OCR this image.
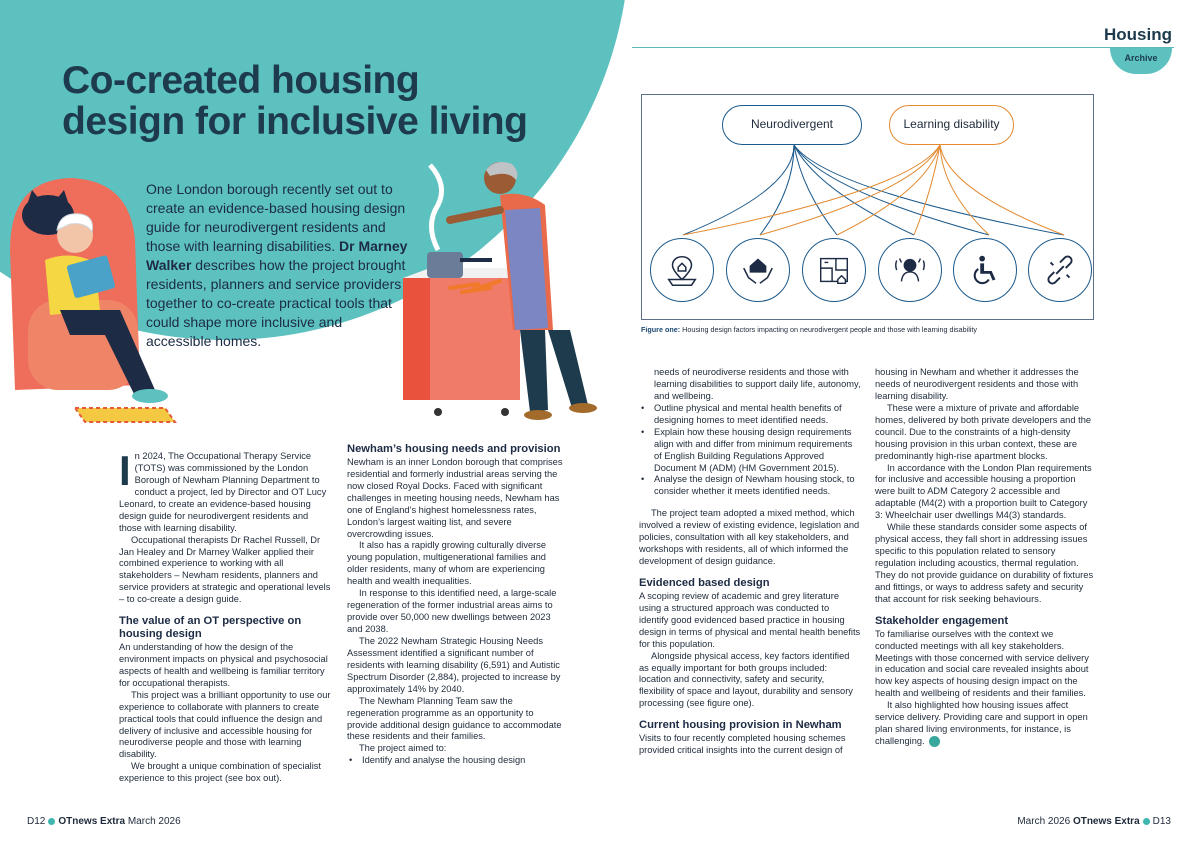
Housing
Archive
Co-created housing
design for inclusive living
One London borough recently set out to create an evidence-based housing design guide for neurodivergent residents and those with learning disabilities. Dr Marney Walker describes how the project brought residents, planners and service providers together to co-create practical tools that could shape more inclusive and accessible homes.
Neurodivergent	Learning disability
Figure one: Housing design factors impacting on neurodivergent people and those with learning disability
I n 2024, The Occupational Therapy Service (TOTS) was commissioned by the London Borough of Newham Planning Department to conduct a project, led by Director and OT Lucy Leonard, to create an evidence-based housing design guide for neurodivergent residents and those with learning disability.

Occupational therapists Dr Rachel Russell, Dr Jan Healey and Dr Marney Walker applied their combined experience to working with all stakeholders – Newham residents, planners and service providers at strategic and operational levels – to co-create a design guide.

The value of an OT perspective on housing design

An understanding of how the design of the environment impacts on physical and psychosocial aspects of health and wellbeing is familiar territory for occupational therapists.

This project was a brilliant opportunity to use our experience to collaborate with planners to create practical tools that could influence the design and delivery of inclusive and accessible housing for neurodiverse people and those with learning disability.

We brought a unique combination of specialist experience to this project (see box out).

Newham’s housing needs and provision

Newham is an inner London borough that comprises residential and formerly industrial areas serving the now closed Royal Docks. Faced with significant challenges in meeting housing needs, Newham has one of England’s highest homelessness rates, London’s largest waiting list, and severe overcrowding issues.

It also has a rapidly growing culturally diverse young population, multigenerational families and older residents, many of whom are experiencing health and wealth inequalities.

In response to this identified need, a large-scale regeneration of the former industrial areas aims to provide over 50,000 new dwellings between 2023 and 2038.

The 2022 Newham Strategic Housing Needs Assessment identified a significant number of residents with learning disability (6,591) and Autistic Spectrum Disorder (2,884), projected to increase by approximately 14% by 2040.

The Newham Planning Team saw the regeneration programme as an opportunity to provide additional design guidance to accommodate these residents and their families.

The project aimed to:

• Identify and analyse the housing design
needs of neurodiverse residents and those with learning disabilities to support daily life, autonomy, and wellbeing.
• Outline physical and mental health benefits of designing homes to meet identified needs.
• Explain how these housing design requirements align with and differ from minimum requirements of English Building Regulations Approved Document M (ADM) (HM Government 2015).
• Analyse the design of Newham housing stock, to consider whether it meets identified needs.

The project team adopted a mixed method, which involved a review of existing evidence, legislation and policies, consultation with all key stakeholders, and workshops with residents, all of which informed the development of design guidance.

Evidenced based design

A scoping review of academic and grey literature using a structured approach was conducted to identify good evidenced based practice in housing design in terms of physical and mental health benefits for this population.

Alongside physical access, key factors identified as equally important for both groups included: location and connectivity, safety and security, flexibility of space and layout, durability and sensory processing (see figure one).

Current housing provision in Newham

Visits to four recently completed housing schemes provided critical insights into the current design of

housing in Newham and whether it addresses the needs of neurodivergent residents and those with learning disability.

These were a mixture of private and affordable homes, delivered by both private developers and the council. Due to the constraints of a high-density housing provision in this urban context, these are predominantly high-rise apartment blocks.

In accordance with the London Plan requirements for inclusive and accessible housing a proportion were built to ADM Category 2 accessible and adaptable (M4(2) with a proportion built to Category 3: Wheelchair user dwellings M4(3) standards.

While these standards consider some aspects of physical access, they fall short in addressing issues specific to this population related to sensory regulation including acoustics, thermal regulation. They do not provide guidance on durability of fixtures and fittings, or ways to address safety and security that account for risk seeking behaviours.

Stakeholder engagement

To familiarise ourselves with the context we conducted meetings with all key stakeholders. Meetings with those concerned with service delivery in education and social care revealed insights about how key aspects of housing design impact on the health and wellbeing of residents and their families.

It also highlighted how housing issues affect service delivery. Providing care and support in open plan shared living environments, for instance, is challenging. ❯

D12 OTnews Extra March 2026	March 2026 OTnews Extra D13
